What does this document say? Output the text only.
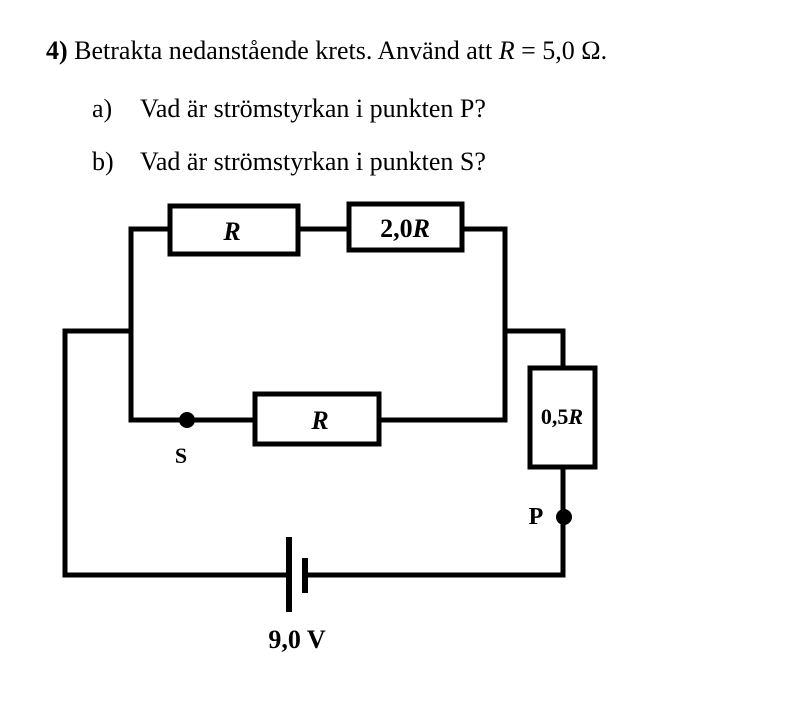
4) Betrakta nedanstående krets. Använd att R = 5,0 Ω.
a) Vad är strömstyrkan i punkten P?
b) Vad är strömstyrkan i punkten S?
R	2,0R
R	0,5R
S
P
9,0 V
